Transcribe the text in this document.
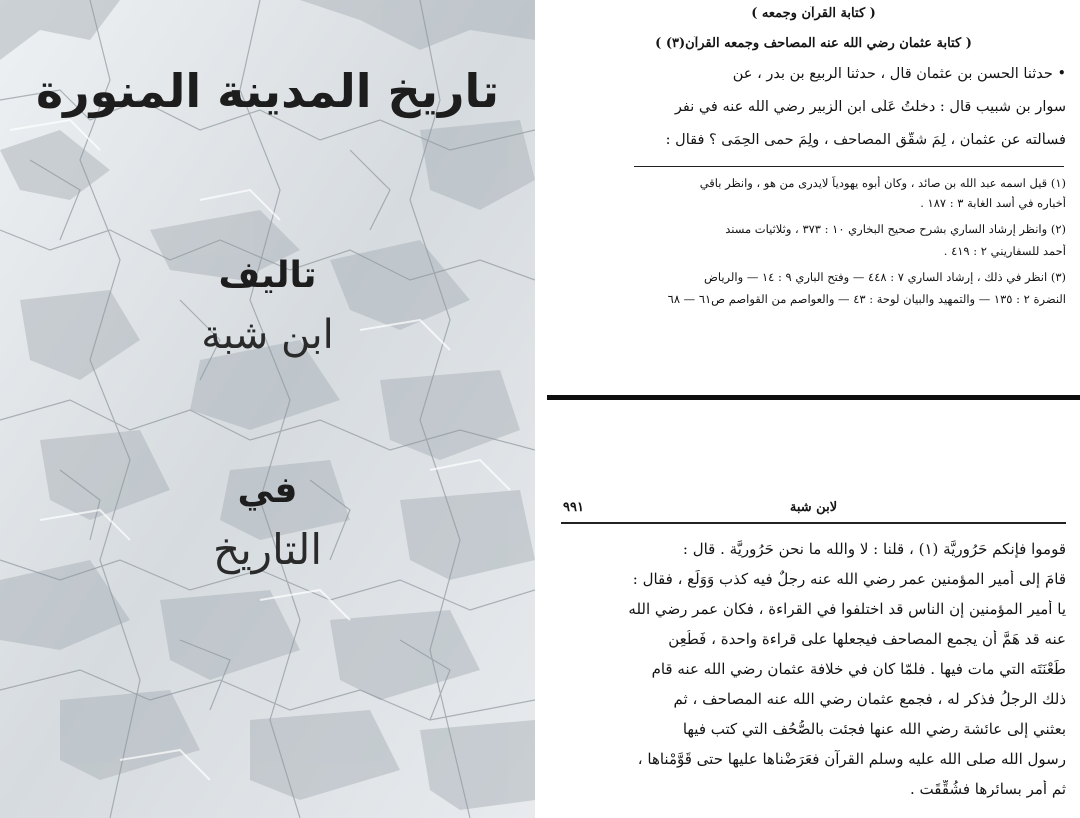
تاريخ المدينة المنورة
تاليف
ابن شبة
في
التاريخ
( كتابة القرآن وجمعه )
( كتابة عثمان رضي الله عنه المصاحف وجمعه القرآن(٣) )
• حدثنا الحسن بن عثمان قال ، حدثنا الربيع بن بدر ، عن
سوار بن شبيب قال : دخلتُ عَلَى ابن الزبير رضي الله عنه في نفر
فسألته عن عثمان ، لِمَ شقَّق المصاحف ، ولِمَ حمى الحِمَى ؟ فقال :
(١) قيل اسمه عبد الله بن صائد ، وكان أبوه يهودياً لايدرى من هو ، وانظر باقي
أخباره في أسد الغابة ٣ : ١٨٧ .
(٢) وانظر إرشاد الساري بشرح صحيح البخاري ١٠ : ٣٧٣ ، وثلاثيات مسند
أحمد للسفاريني ٢ : ٤١٩ .
(٣) انظر في ذلك ، إرشاد الساري ٧ : ٤٤٨ — وفتح الباري ٩ : ١٤ — والرياض
النضرة ٢ : ١٣٥ — والتمهيد والبيان لوحة : ٤٣ — والعواصم من القواصم ص٦١ — ٦٨
لابن شبة
٩٩١
قوموا فإنكم حَرُورِيَّة (١) ، قلنا : لا والله ما نحن حَرُورِيَّة . قال :
قامَ إلى أمير المؤمنين عمر رضي الله عنه رجلٌ فيه كذب وَوَلَع ، فقال :
يا أمير المؤمنين إن الناس قد اختلفوا في القراءة ، فكان عمر رضي الله
عنه قد هَمَّ أن يجمع المصاحف فيجعلها على قراءة واحدة ، فَطُعِن
طَعْنَتَه التي مات فيها . فلمّا كان في خلافة عثمان رضي الله عنه قام
ذلك الرجلُ فذكر له ، فجمع عثمان رضي الله عنه المصاحف ، ثم
بعثني إلى عائشة رضي الله عنها فجئت بالصُّحُف التي كتب فيها
رسول الله صلى الله عليه وسلم القرآن فعَرَضْناها عليها حتى قَوَّمْناها ،
ثم أمر بسائرها فشُقِّقَت .
